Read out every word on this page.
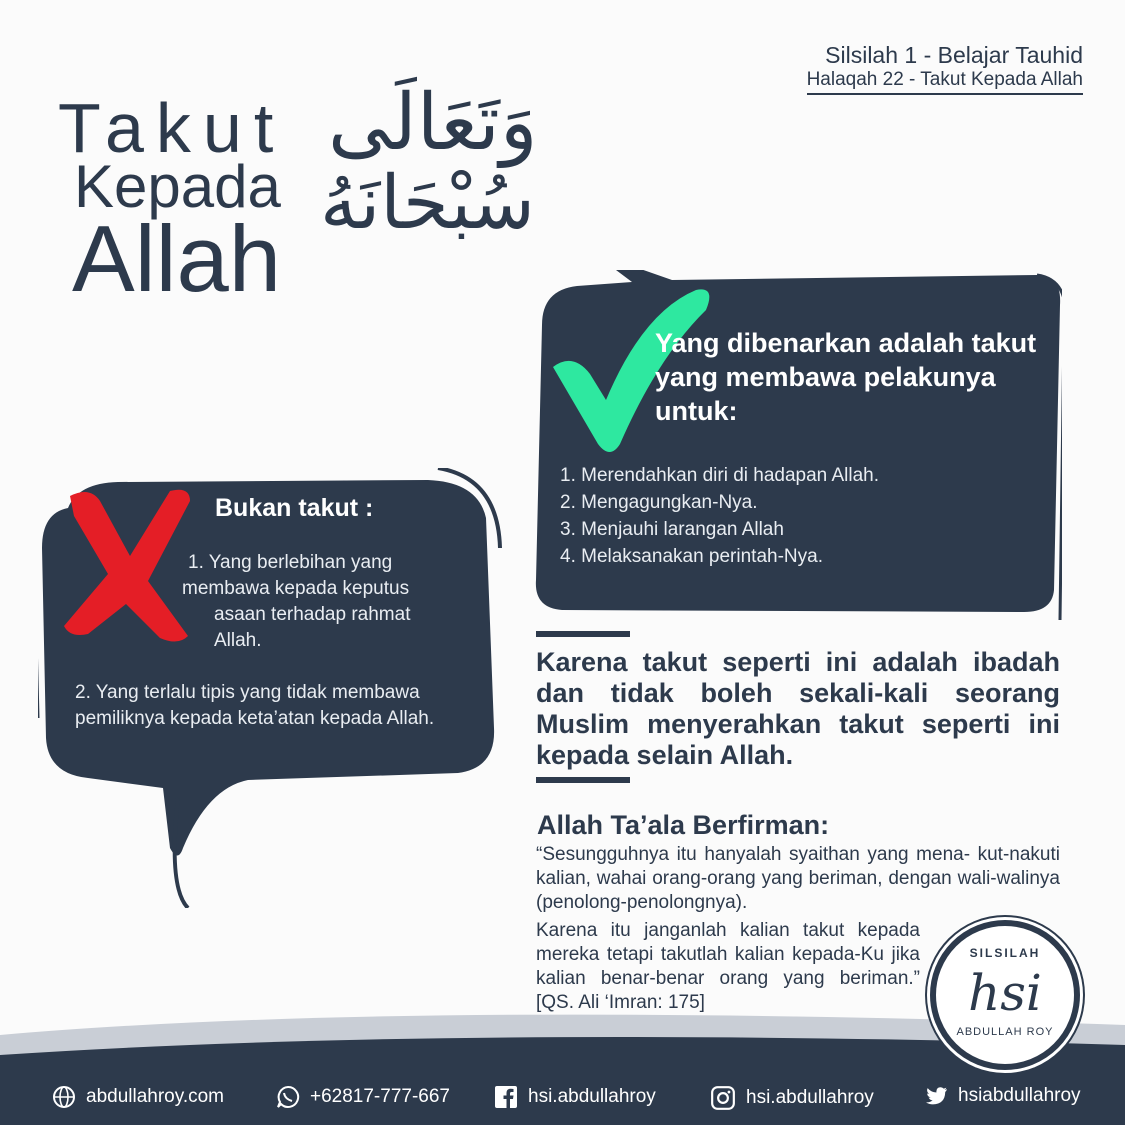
Silsilah 1 - Belajar Tauhid
Halaqah 22 - Takut Kepada Allah
Takut
Kepada
Allah
وَتَعَالَى
سُبْحَانَهُ
Yang dibenarkan adalah takut yang membawa pelakunya untuk:
1. Merendahkan diri di hadapan Allah.
2. Mengagungkan-Nya.
3. Menjauhi larangan Allah
4. Melaksanakan perintah-Nya.
Bukan takut :
1. Yang berlebihan yang
membawa kepada keputus
asaan terhadap rahmat
Allah.
2. Yang terlalu tipis yang tidak membawa pemiliknya kepada keta’atan kepada Allah.
Karena takut seperti ini adalah ibadah dan tidak boleh sekali-kali seorang Muslim menyerahkan takut seperti ini kepada selain Allah.
Allah Ta’ala Berfirman:
“Sesungguhnya itu hanyalah syaithan yang mena- kut-nakuti kalian, wahai orang-orang yang beriman, dengan wali-walinya (penolong-penolongnya).
Karena itu janganlah kalian takut kepada mereka tetapi takutlah kalian kepada-Ku jika kalian benar-benar orang yang beriman.” [QS. Ali ‘Imran: 175]
SILSILAH
hsi
ABDULLAH ROY
abdullahroy.com	+62817-777-667	hsi.abdullahroy	hsi.abdullahroy	hsiabdullahroy
